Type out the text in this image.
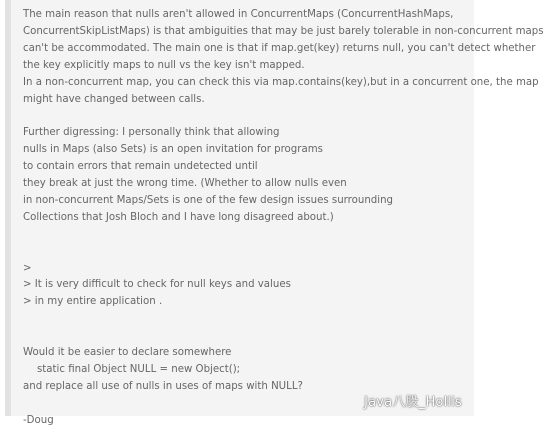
The main reason that nulls aren't allowed in ConcurrentMaps (ConcurrentHashMaps,
ConcurrentSkipListMaps) is that ambiguities that may be just barely tolerable in non-concurrent maps
can't be accommodated. The main one is that if map.get(key) returns null, you can't detect whether
the key explicitly maps to null vs the key isn't mapped.
In a non-concurrent map, you can check this via map.contains(key),but in a concurrent one, the map
might have changed between calls.
Further digressing: I personally think that allowing
nulls in Maps (also Sets) is an open invitation for programs
to contain errors that remain undetected until
they break at just the wrong time. (Whether to allow nulls even
in non-concurrent Maps/Sets is one of the few design issues surrounding
Collections that Josh Bloch and I have long disagreed about.)
>
> It is very difficult to check for null keys and values
> in my entire application .
Would it be easier to declare somewhere
static final Object NULL = new Object();
and replace all use of nulls in uses of maps with NULL?
-Doug
Java八股_Hollis
